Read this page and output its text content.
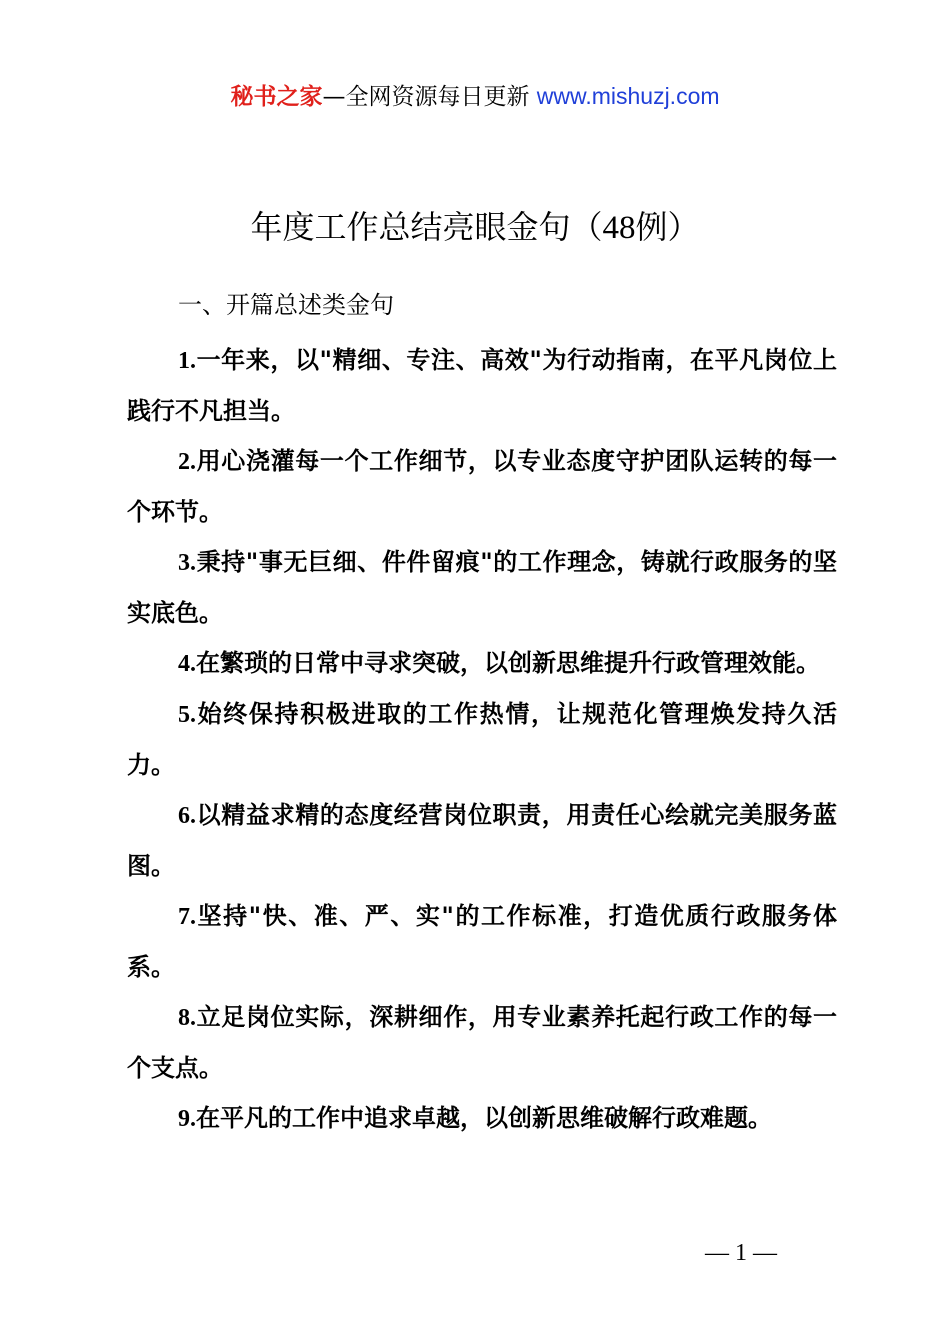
秘书之家—全网资源每日更新 www.mishuzj.com
年度工作总结亮眼金句（48例）
一、开篇总述类金句
1.一年来，以"精细、专注、高效"为行动指南，在平凡岗位上践行不凡担当。
2.用心浇灌每一个工作细节，以专业态度守护团队运转的每一个环节。
3.秉持"事无巨细、件件留痕"的工作理念，铸就行政服务的坚实底色。
4.在繁琐的日常中寻求突破，以创新思维提升行政管理效能。
5.始终保持积极进取的工作热情，让规范化管理焕发持久活力。
6.以精益求精的态度经营岗位职责，用责任心绘就完美服务蓝图。
7.坚持"快、准、严、实"的工作标准，打造优质行政服务体系。
8.立足岗位实际，深耕细作，用专业素养托起行政工作的每一个支点。
9.在平凡的工作中追求卓越，以创新思维破解行政难题。
— 1 —
